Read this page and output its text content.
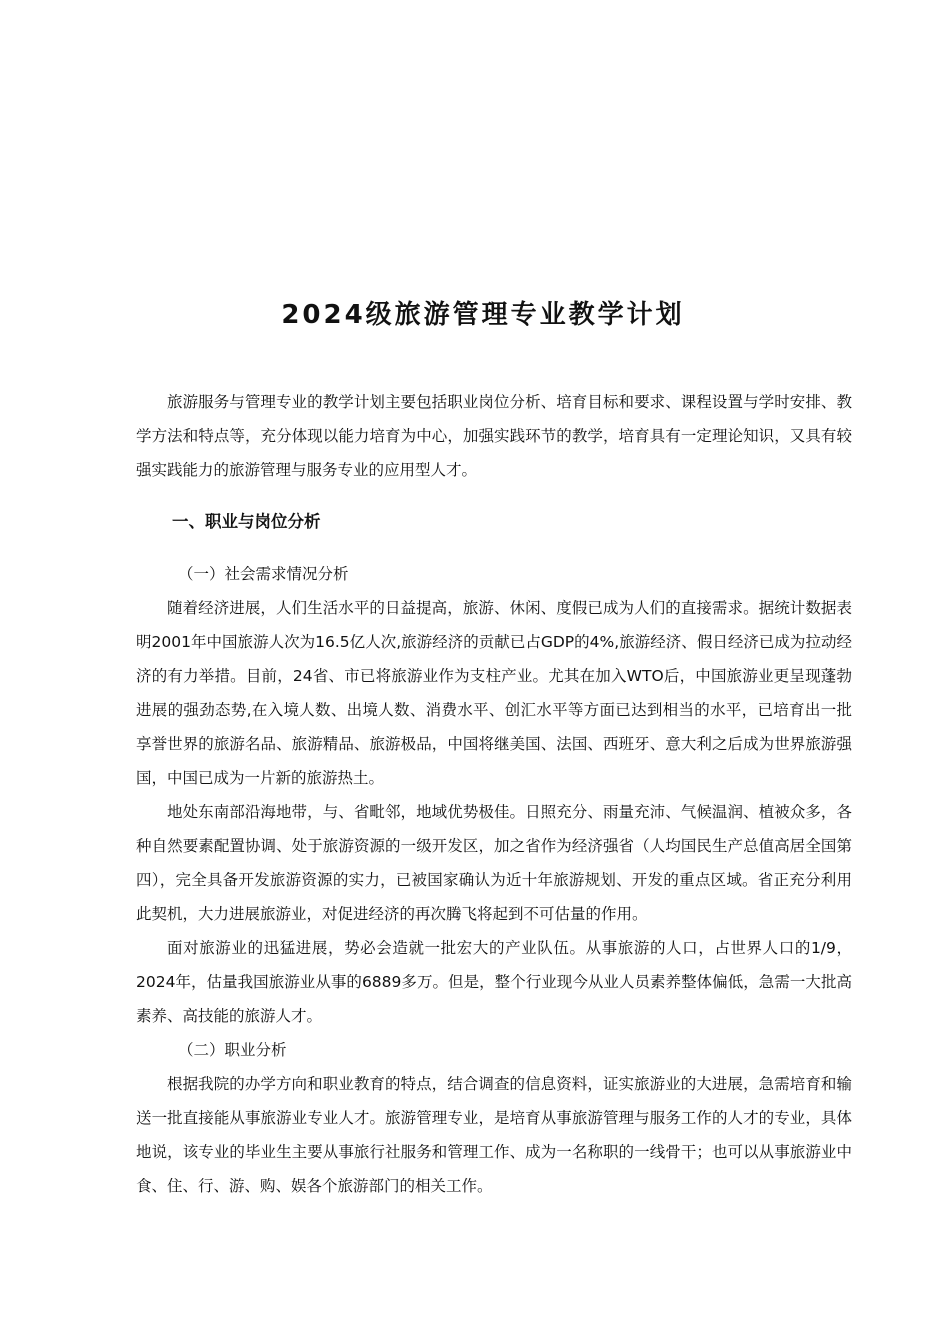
2024级旅游管理专业教学计划

旅游服务与管理专业的教学计划主要包括职业岗位分析、培育目标和要求、课程设置与学时安排、教学方法和特点等，充分体现以能力培育为中心，加强实践环节的教学，培育具有一定理论知识，又具有较强实践能力的旅游管理与服务专业的应用型人才。

一、职业与岗位分析
（一）社会需求情况分析

随着经济进展，人们生活水平的日益提高，旅游、休闲、度假已成为人们的直接需求。据统计数据表明2001年中国旅游人次为16.5亿人次,旅游经济的贡献已占GDP的4%,旅游经济、假日经济已成为拉动经济的有力举措。目前，24省、市已将旅游业作为支柱产业。尤其在加入WTO后，中国旅游业更呈现蓬勃进展的强劲态势,在入境人数、出境人数、消费水平、创汇水平等方面已达到相当的水平，已培育出一批享誉世界的旅游名品、旅游精品、旅游极品，中国将继美国、法国、西班牙、意大利之后成为世界旅游强国，中国已成为一片新的旅游热土。

地处东南部沿海地带，与、省毗邻，地域优势极佳。日照充分、雨量充沛、气候温润、植被众多，各种自然要素配置协调、处于旅游资源的一级开发区，加之省作为经济强省（人均国民生产总值高居全国第四），完全具备开发旅游资源的实力，已被国家确认为近十年旅游规划、开发的重点区域。省正充分利用此契机，大力进展旅游业，对促进经济的再次腾飞将起到不可估量的作用。

面对旅游业的迅猛进展，势必会造就一批宏大的产业队伍。从事旅游的人口，占世界人口的1/9，2024年，估量我国旅游业从事的6889多万。但是，整个行业现今从业人员素养整体偏低，急需一大批高素养、高技能的旅游人才。

（二）职业分析

根据我院的办学方向和职业教育的特点，结合调查的信息资料，证实旅游业的大进展，急需培育和输送一批直接能从事旅游业专业人才。旅游管理专业，是培育从事旅游管理与服务工作的人才的专业，具体地说，该专业的毕业生主要从事旅行社服务和管理工作、成为一名称职的一线骨干；也可以从事旅游业中食、住、行、游、购、娱各个旅游部门的相关工作。
